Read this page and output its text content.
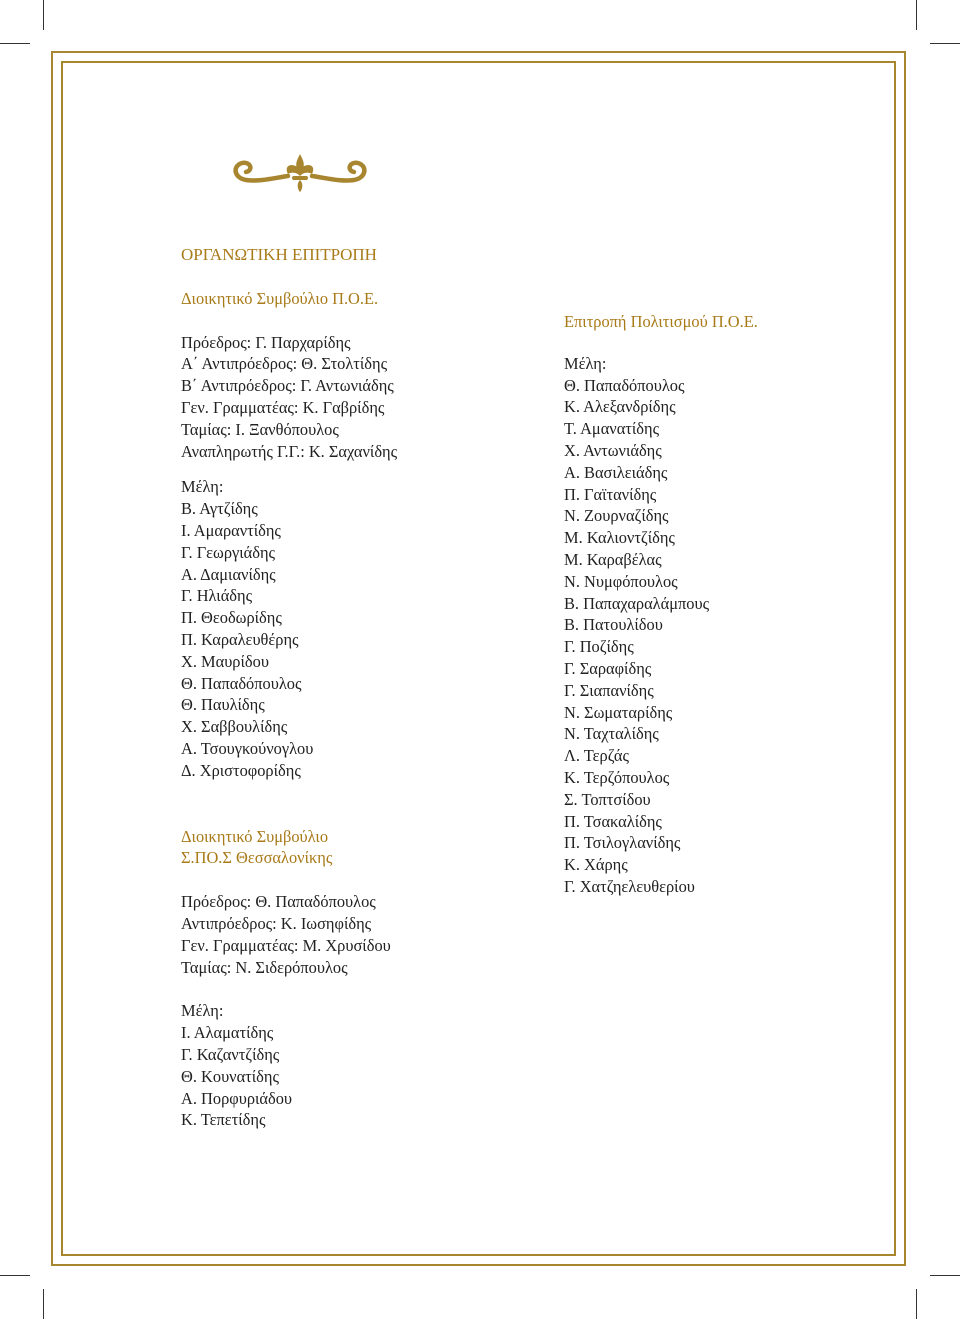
ΟΡΓΑΝΩΤΙΚΗ ΕΠΙΤΡΟΠΗ
Διοικητικό Συμβούλιο Π.Ο.Ε.
Πρόεδρος: Γ. Παρχαρίδης
Α΄ Αντιπρόεδρος: Θ. Στολτίδης
Β΄ Αντιπρόεδρος: Γ. Αντωνιάδης
Γεν. Γραμματέας: Κ. Γαβρίδης
Ταμίας: Ι. Ξανθόπουλος
Αναπληρωτής Γ.Γ.: Κ. Σαχανίδης
Μέλη:
Β. Αγτζίδης
Ι. Αμαραντίδης
Γ. Γεωργιάδης
Α. Δαμιανίδης
Γ. Ηλιάδης
Π. Θεοδωρίδης
Π. Καραλευθέρης
Χ. Μαυρίδου
Θ. Παπαδόπουλος
Θ. Παυλίδης
Χ. Σαββουλίδης
Α. Τσουγκούνογλου
Δ. Χριστοφορίδης
Διοικητικό Συμβούλιο
Σ.ΠΟ.Σ Θεσσαλονίκης
Πρόεδρος: Θ. Παπαδόπουλος
Αντιπρόεδρος: Κ. Ιωσηφίδης
Γεν. Γραμματέας: Μ. Χρυσίδου
Ταμίας: Ν. Σιδερόπουλος
Μέλη:
Ι. Αλαματίδης
Γ. Καζαντζίδης
Θ. Κουνατίδης
Α. Πορφυριάδου
Κ. Τεπετίδης
Επιτροπή Πολιτισμού Π.Ο.Ε.
Μέλη:
Θ. Παπαδόπουλος
Κ. Αλεξανδρίδης
Τ. Αμανατίδης
Χ. Αντωνιάδης
Α. Βασιλειάδης
Π. Γαϊτανίδης
Ν. Ζουρναζίδης
Μ. Καλιοντζίδης
Μ. Καραβέλας
Ν. Νυμφόπουλος
Β. Παπαχαραλάμπους
Β. Πατουλίδου
Γ. Ποζίδης
Γ. Σαραφίδης
Γ. Σιαπανίδης
Ν. Σωματαρίδης
Ν. Ταχταλίδης
Λ. Τερζάς
Κ. Τερζόπουλος
Σ. Τοπτσίδου
Π. Τσακαλίδης
Π. Τσιλογλανίδης
Κ. Χάρης
Γ. Χατζηελευθερίου
